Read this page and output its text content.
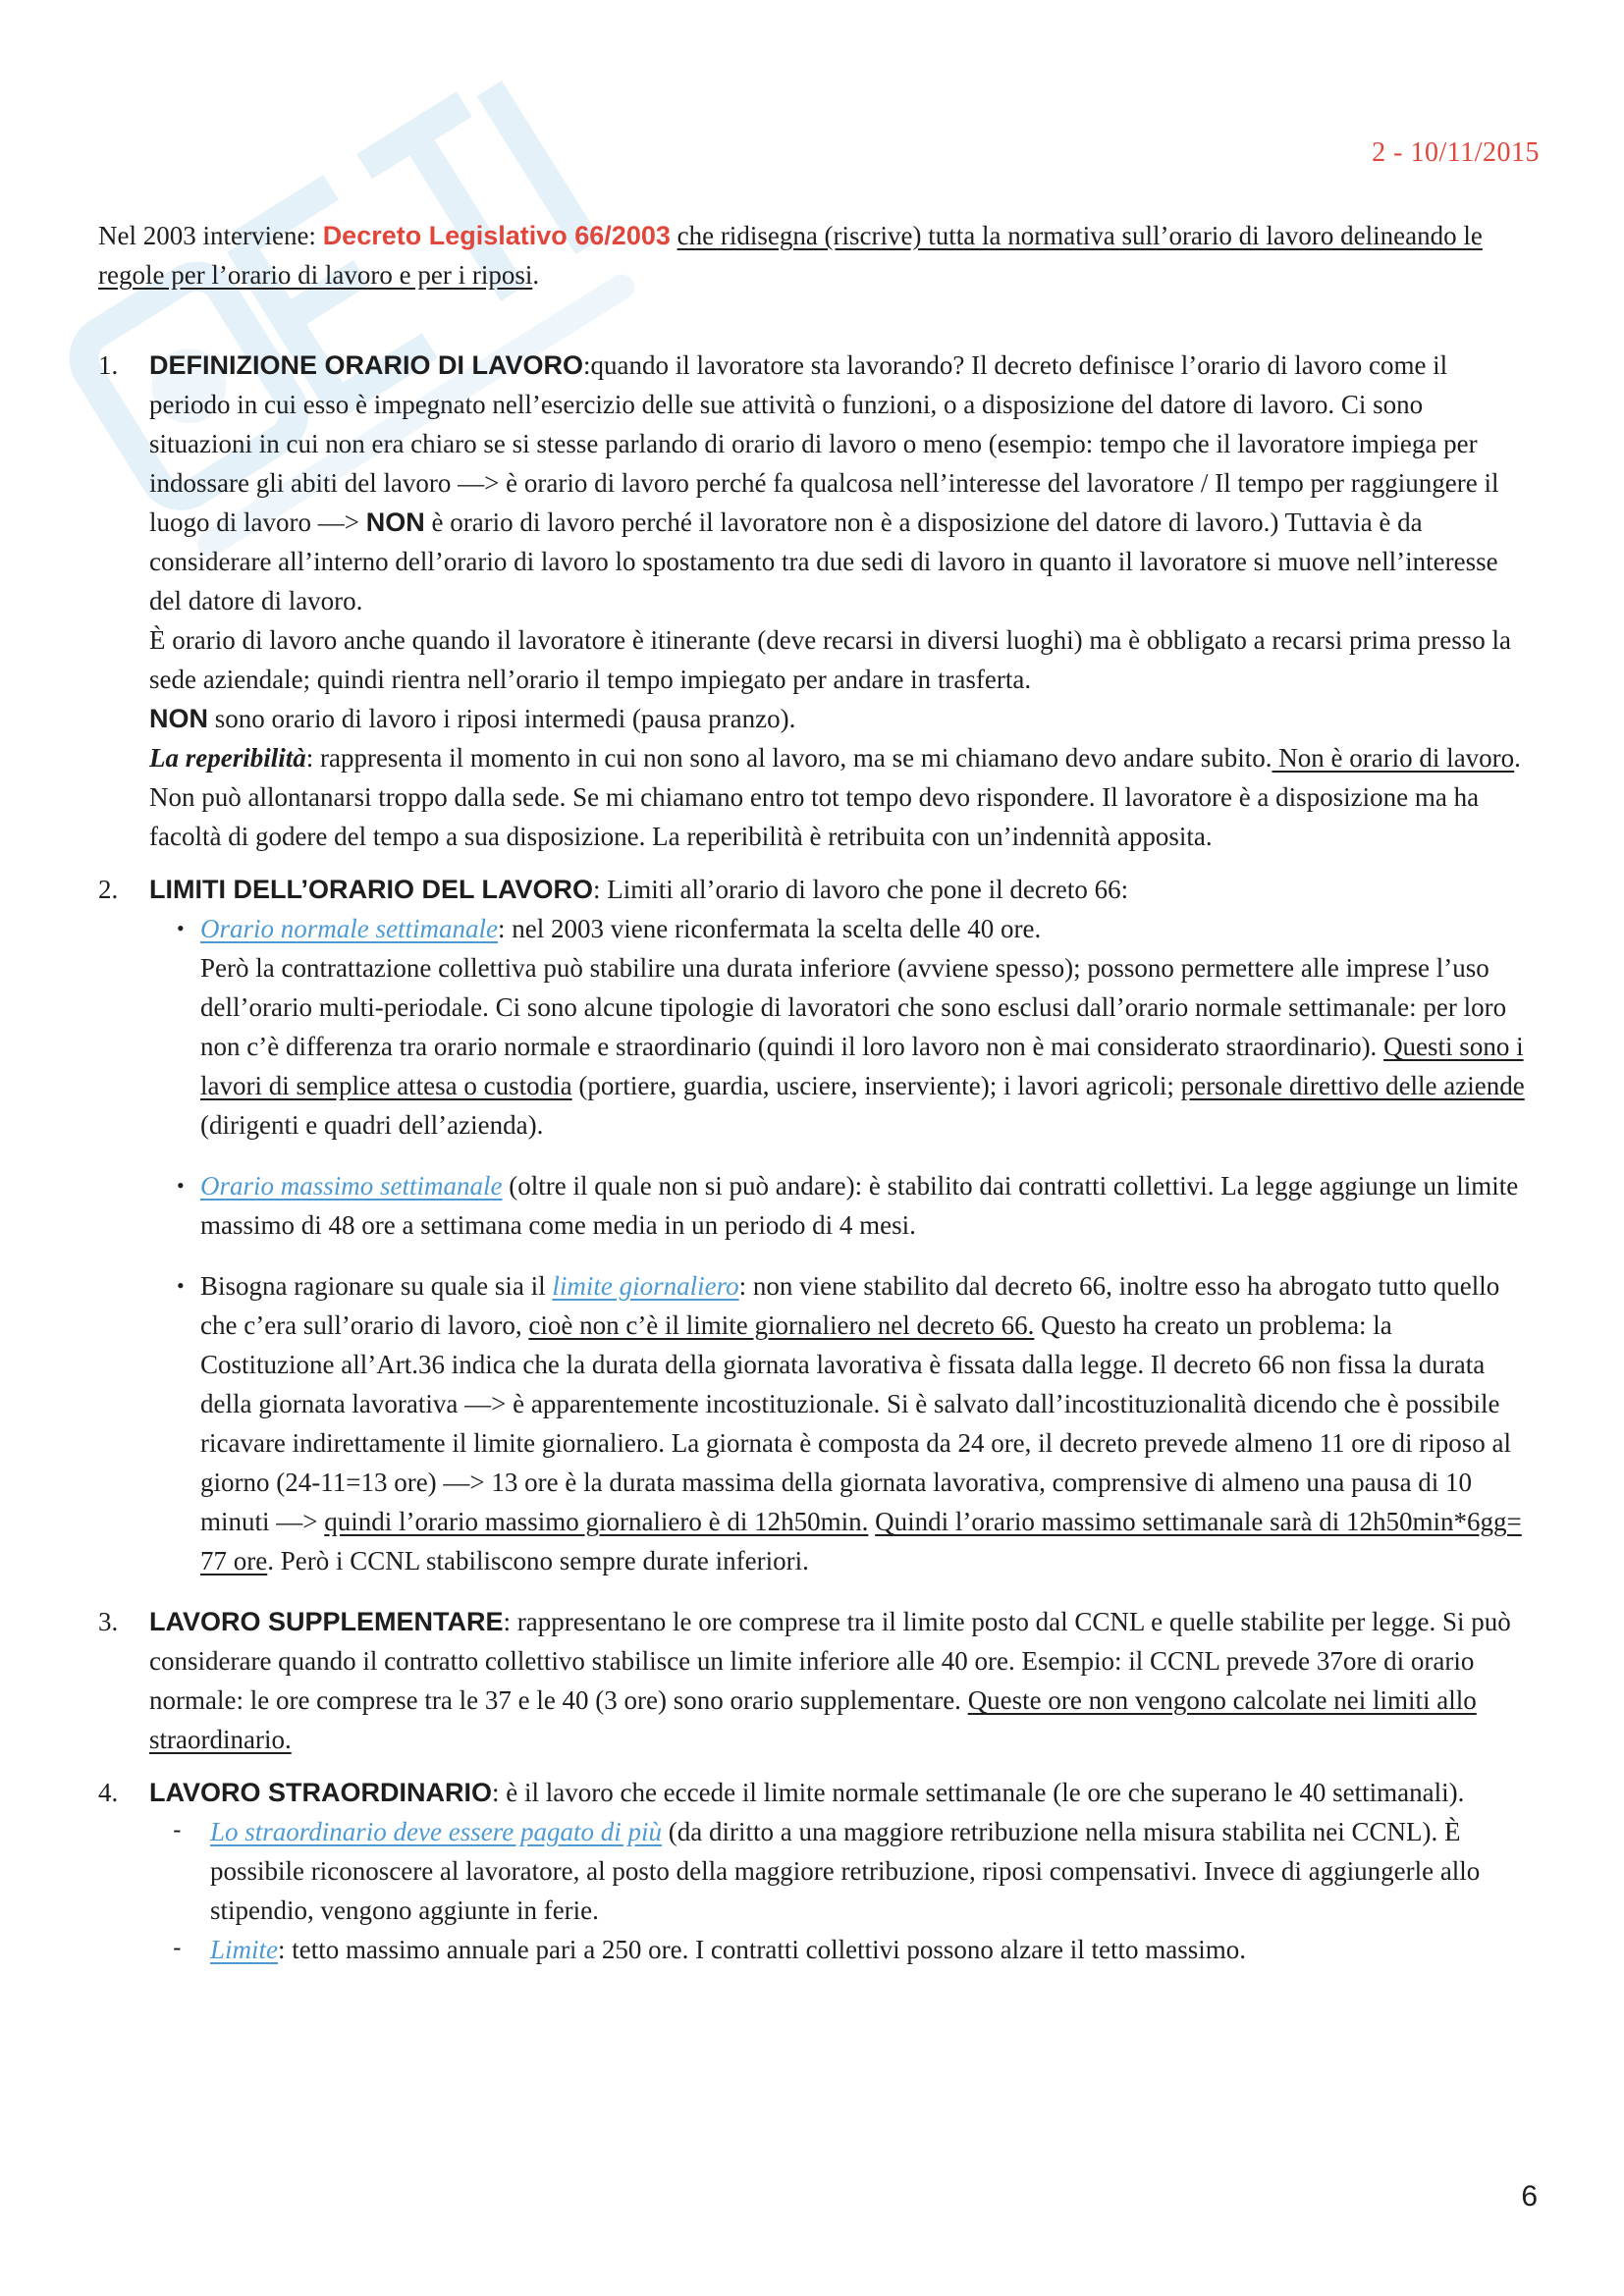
2 - 10/11/2015

Nel 2003 interviene: Decreto Legislativo 66/2003 che ridisegna (riscrive) tutta la normativa sull’orario di lavoro delineando le regole per l’orario di lavoro e per i riposi.

1. DEFINIZIONE ORARIO DI LAVORO:quando il lavoratore sta lavorando? Il decreto definisce l’orario di lavoro come il periodo in cui esso è impegnato nell’esercizio delle sue attività o funzioni, o a disposizione del datore di lavoro. Ci sono situazioni in cui non era chiaro se si stesse parlando di orario di lavoro o meno (esempio: tempo che il lavoratore impiega per indossare gli abiti del lavoro —> è orario di lavoro perché fa qualcosa nell’interesse del lavoratore / Il tempo per raggiungere il luogo di lavoro —> NON è orario di lavoro perché il lavoratore non è a disposizione del datore di lavoro.) Tuttavia è da considerare all’interno dell’orario di lavoro lo spostamento tra due sedi di lavoro in quanto il lavoratore si muove nell’interesse del datore di lavoro.

È orario di lavoro anche quando il lavoratore è itinerante (deve recarsi in diversi luoghi) ma è obbligato a recarsi prima presso la sede aziendale; quindi rientra nell’orario il tempo impiegato per andare in trasferta.

NON sono orario di lavoro i riposi intermedi (pausa pranzo).

La reperibilità: rappresenta il momento in cui non sono al lavoro, ma se mi chiamano devo andare subito. Non è orario di lavoro. Non può allontanarsi troppo dalla sede. Se mi chiamano entro tot tempo devo rispondere. Il lavoratore è a disposizione ma ha facoltà di godere del tempo a sua disposizione. La reperibilità è retribuita con un’indennità apposita.

2. LIMITI DELL’ORARIO DEL LAVORO: Limiti all’orario di lavoro che pone il decreto 66:

• Orario normale settimanale: nel 2003 viene riconfermata la scelta delle 40 ore.
Però la contrattazione collettiva può stabilire una durata inferiore (avviene spesso); possono permettere alle imprese l’uso dell’orario multi-periodale. Ci sono alcune tipologie di lavoratori che sono esclusi dall’orario normale settimanale: per loro non c’è differenza tra orario normale e straordinario (quindi il loro lavoro non è mai considerato straordinario). Questi sono i lavori di semplice attesa o custodia (portiere, guardia, usciere, inserviente); i lavori agricoli; personale direttivo delle aziende (dirigenti e quadri dell’azienda).
• Orario massimo settimanale (oltre il quale non si può andare): è stabilito dai contratti collettivi. La legge aggiunge un limite massimo di 48 ore a settimana come media in un periodo di 4 mesi.
• Bisogna ragionare su quale sia il limite giornaliero: non viene stabilito dal decreto 66, inoltre esso ha abrogato tutto quello che c’era sull’orario di lavoro, cioè non c’è il limite giornaliero nel decreto 66. Questo ha creato un problema: la Costituzione all’Art.36 indica che la durata della giornata lavorativa è fissata dalla legge. Il decreto 66 non fissa la durata della giornata lavorativa —> è apparentemente incostituzionale. Si è salvato dall’incostituzionalità dicendo che è possibile ricavare indirettamente il limite giornaliero. La giornata è composta da 24 ore, il decreto prevede almeno 11 ore di riposo al giorno (24-11=13 ore) —> 13 ore è la durata massima della giornata lavorativa, comprensive di almeno una pausa di 10 minuti —> quindi l’orario massimo giornaliero è di 12h50min. Quindi l’orario massimo settimanale sarà di 12h50min*6gg= 77 ore. Però i CCNL stabiliscono sempre durate inferiori.
3. LAVORO SUPPLEMENTARE: rappresentano le ore comprese tra il limite posto dal CCNL e quelle stabilite per legge. Si può considerare quando il contratto collettivo stabilisce un limite inferiore alle 40 ore. Esempio: il CCNL prevede 37ore di orario normale: le ore comprese tra le 37 e le 40 (3 ore) sono orario supplementare. Queste ore non vengono calcolate nei limiti allo straordinario.

4. LAVORO STRAORDINARIO: è il lavoro che eccede il limite normale settimanale (le ore che superano le 40 settimanali).

- Lo straordinario deve essere pagato di più (da diritto a una maggiore retribuzione nella misura stabilita nei CCNL). È possibile riconoscere al lavoratore, al posto della maggiore retribuzione, riposi compensativi. Invece di aggiungerle allo stipendio, vengono aggiunte in ferie.
- Limite: tetto massimo annuale pari a 250 ore. I contratti collettivi possono alzare il tetto massimo.
6
